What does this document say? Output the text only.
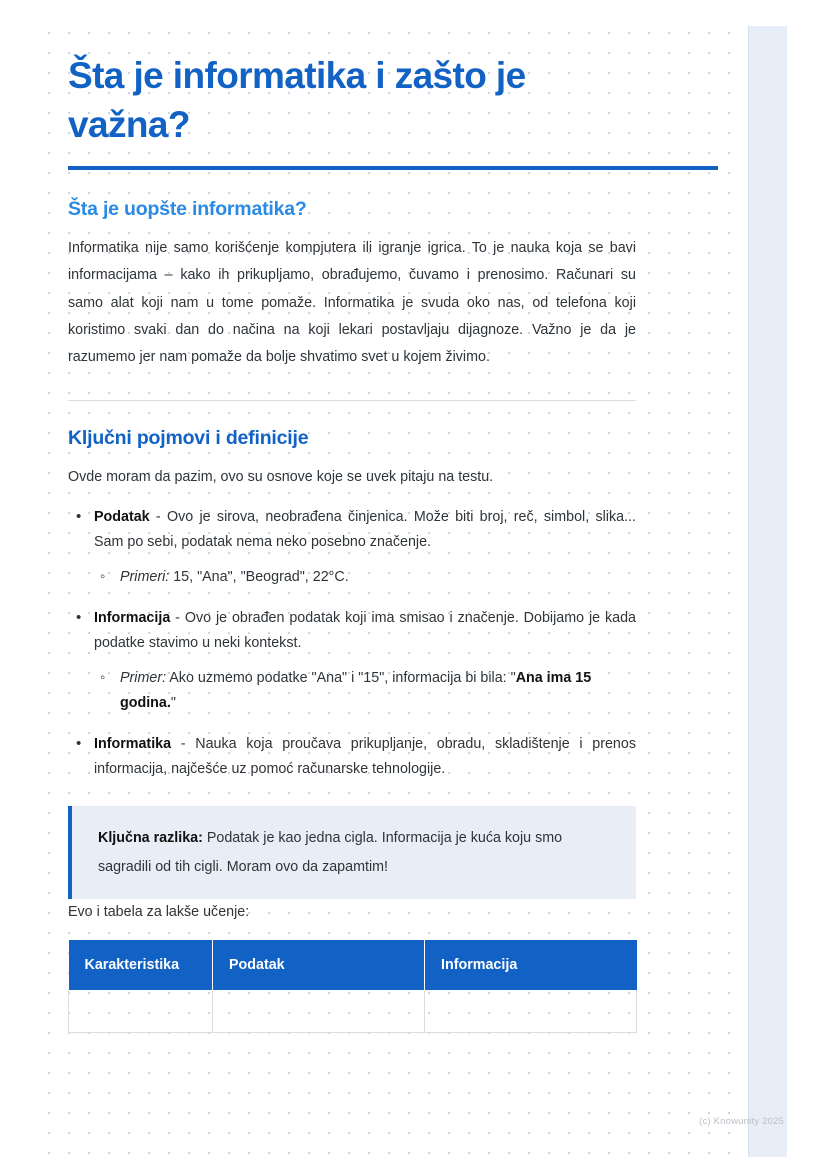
Šta je informatika i zašto je važna?
Šta je uopšte informatika?

Informatika nije samo korišćenje kompjutera ili igranje igrica. To je nauka koja se bavi informacijama – kako ih prikupljamo, obrađujemo, čuvamo i prenosimo. Računari su samo alat koji nam u tome pomaže. Informatika je svuda oko nas, od telefona koji koristimo svaki dan do načina na koji lekari postavljaju dijagnoze. Važno je da je razumemo jer nam pomaže da bolje shvatimo svet u kojem živimo.

Ključni pojmovi i definicije

Ovde moram da pazim, ovo su osnove koje se uvek pitaju na testu.

• Podatak - Ovo je sirova, neobrađena činjenica. Može biti broj, reč, simbol, slika... Sam po sebi, podatak nema neko posebno značenje.
◦ Primeri: 15, "Ana", "Beograd", 22°C.
• Informacija - Ovo je obrađen podatak koji ima smisao i značenje. Dobijamo je kada podatke stavimo u neki kontekst.
◦ Primer: Ako uzmemo podatke "Ana" i "15", informacija bi bila: "Ana ima 15 godina."
• Informatika - Nauka koja proučava prikupljanje, obradu, skladištenje i prenos informacija, najčešće uz pomoć računarske tehnologije.
Ključna razlika: Podatak je kao jedna cigla. Informacija je kuća koju smo sagradili od tih cigli. Moram ovo da zapamtim!

Evo i tabela za lakše učenje:

Karakteristika	Podatak	Informacija

(c) Knowunity 2025
